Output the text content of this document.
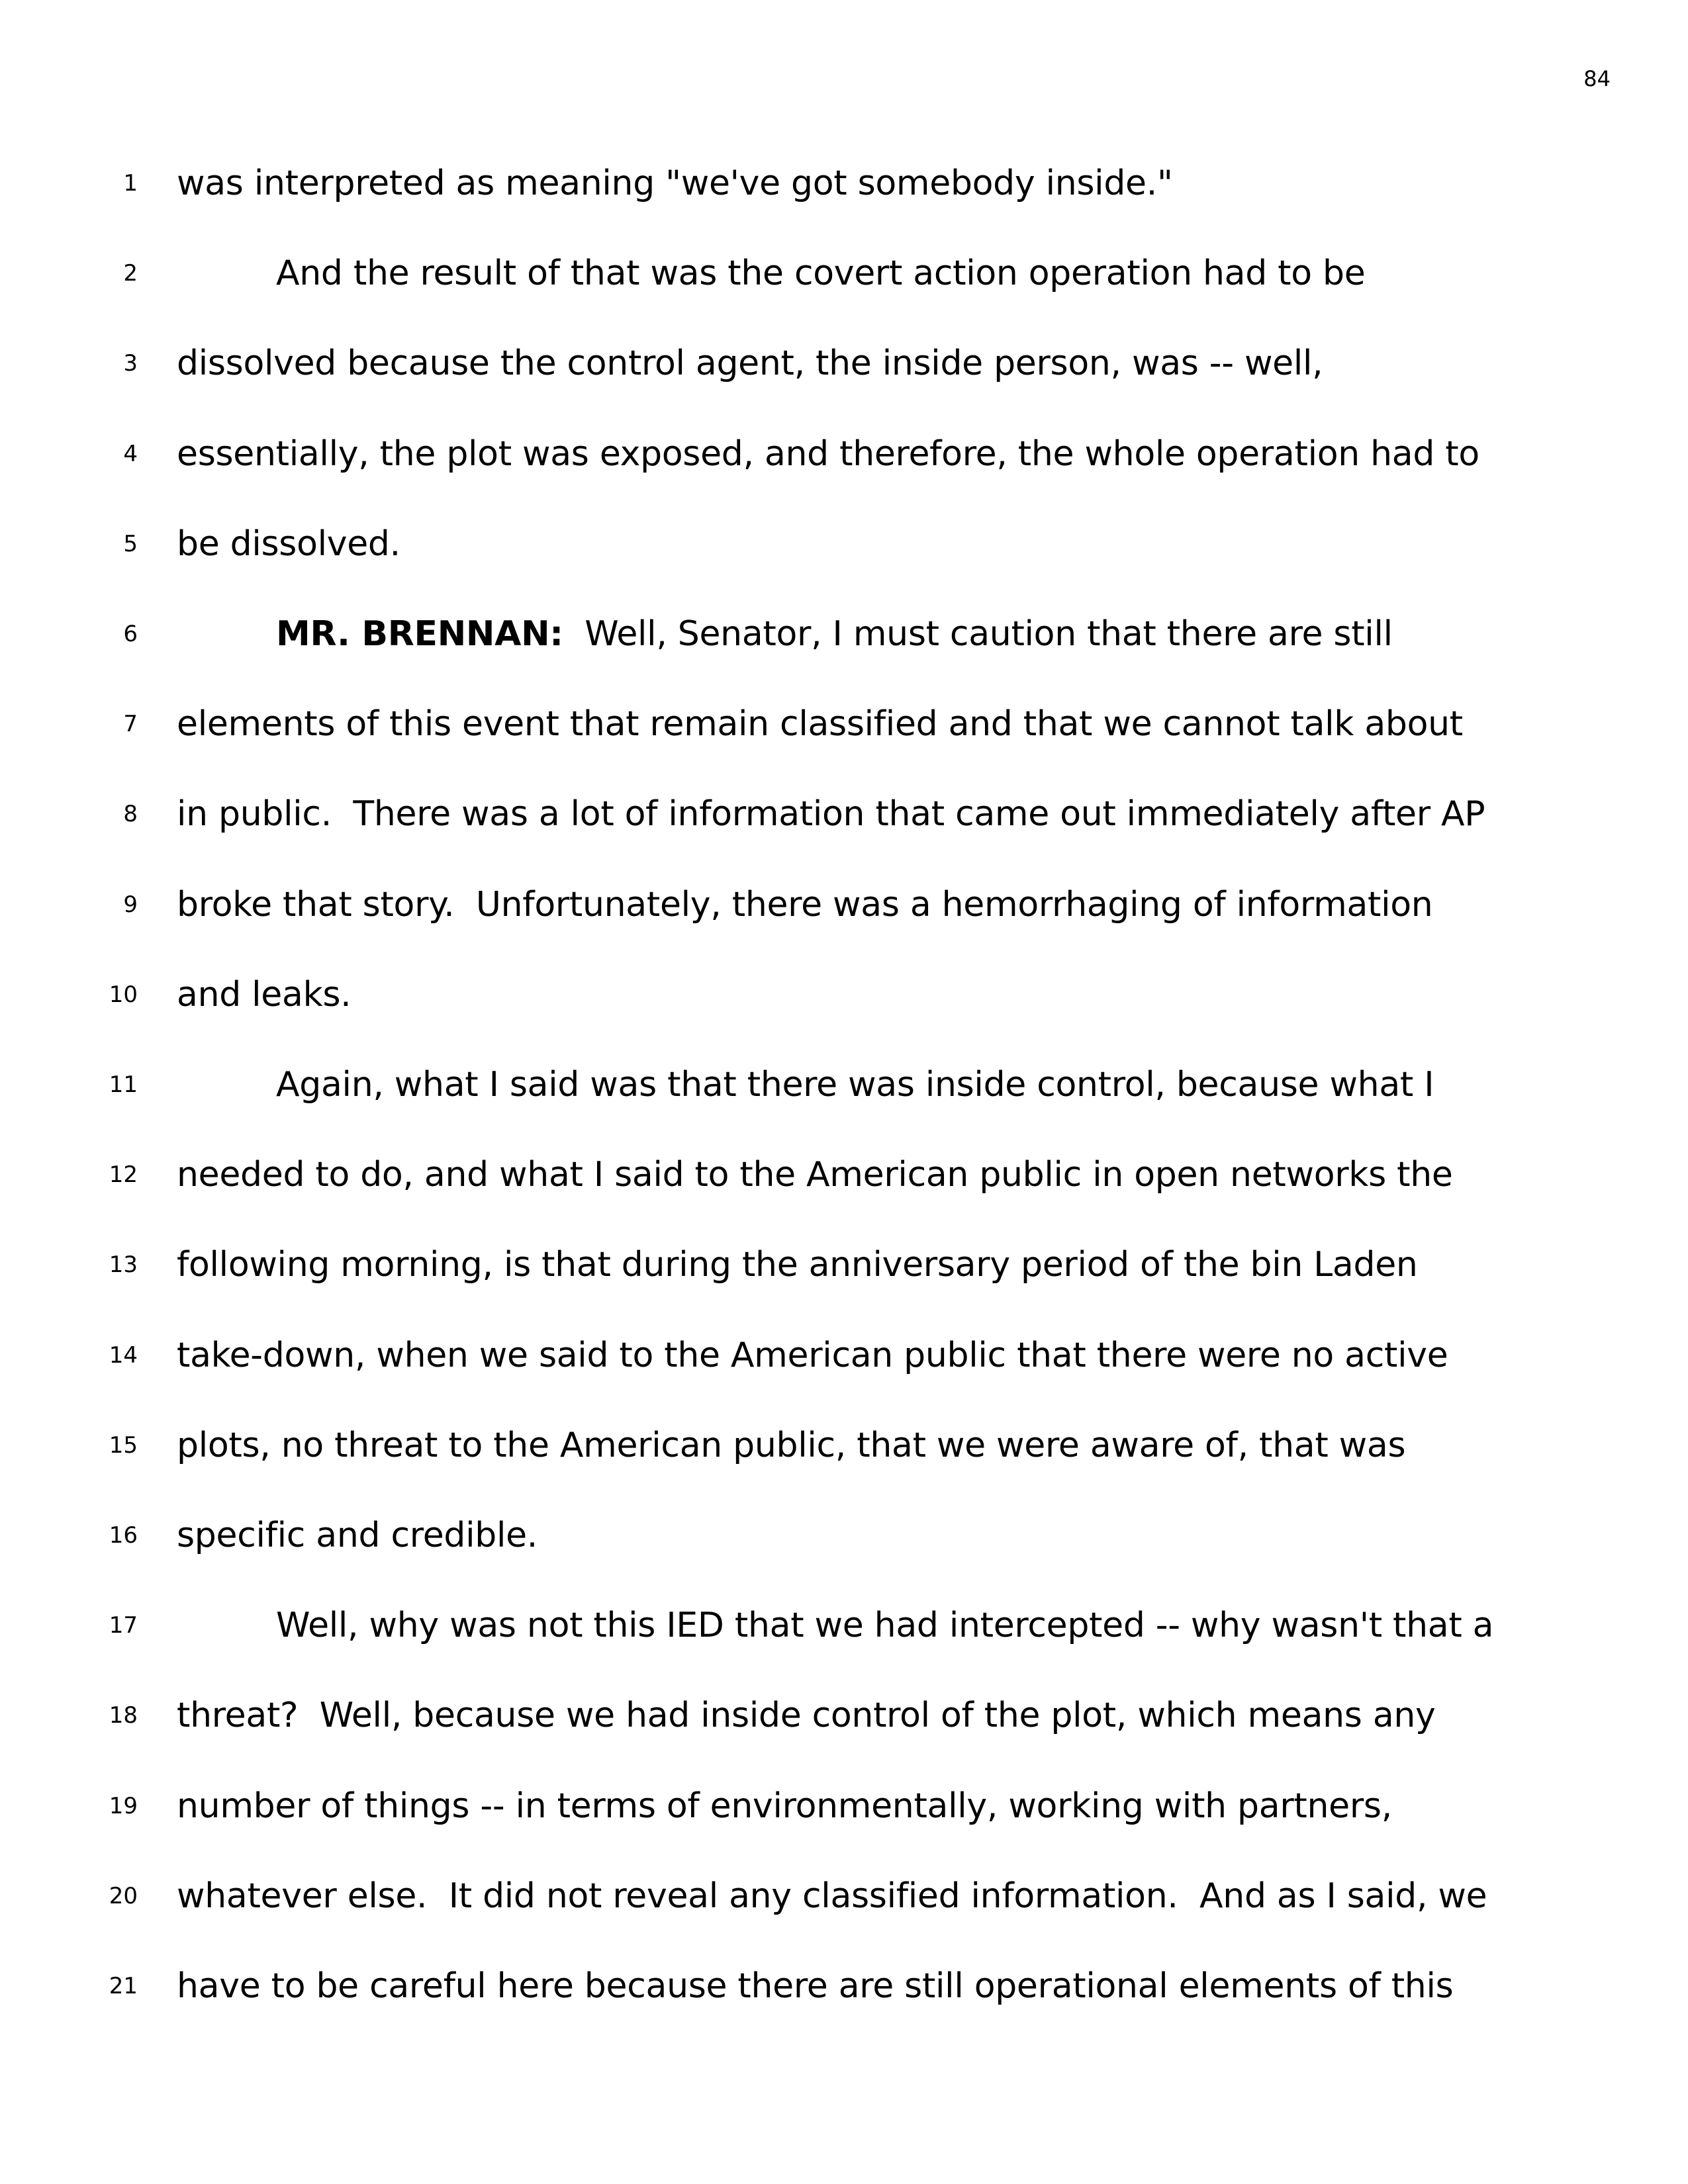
84
1 was interpreted as meaning "we've got somebody inside."
2	And the result of that was the covert action operation had to be
3 dissolved because the control agent, the inside person, was -- well,
4 essentially, the plot was exposed, and therefore, the whole operation had to
5 be dissolved.
6	MR. BRENNAN:  Well, Senator, I must caution that there are still
7 elements of this event that remain classified and that we cannot talk about
8 in public.  There was a lot of information that came out immediately after AP
9 broke that story.  Unfortunately, there was a hemorrhaging of information
10 and leaks.
11	Again, what I said was that there was inside control, because what I
12 needed to do, and what I said to the American public in open networks the
13 following morning, is that during the anniversary period of the bin Laden
14 take-down, when we said to the American public that there were no active
15 plots, no threat to the American public, that we were aware of, that was
16 specific and credible.
17	Well, why was not this IED that we had intercepted -- why wasn't that a
18 threat?  Well, because we had inside control of the plot, which means any
19 number of things -- in terms of environmentally, working with partners,
20 whatever else.  It did not reveal any classified information.  And as I said, we
21 have to be careful here because there are still operational elements of this
